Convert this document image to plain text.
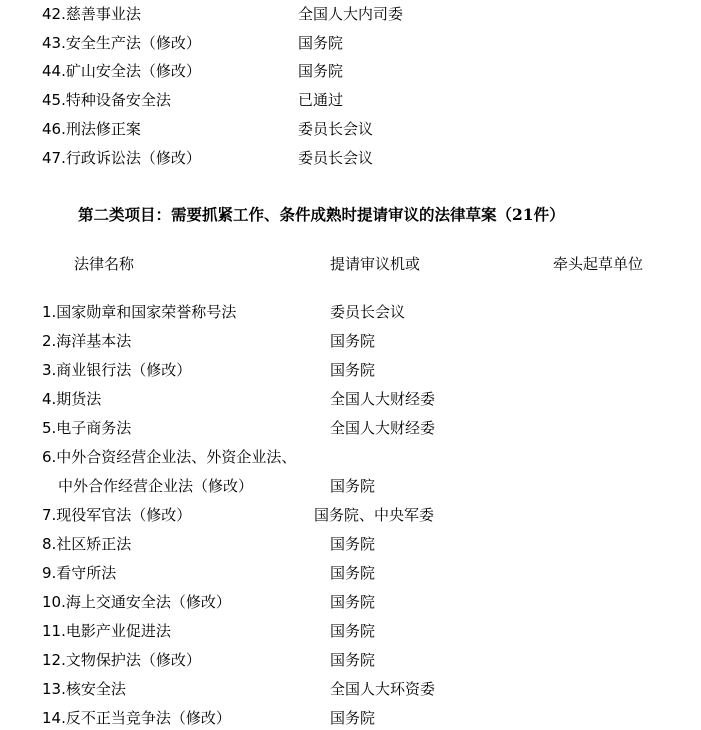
42.慈善事业法	全国人大内司委
43.安全生产法（修改）	国务院
44.矿山安全法（修改）	国务院
45.特种设备安全法	已通过
46.刑法修正案	委员长会议
47.行政诉讼法（修改）	委员长会议
第二类项目：需要抓紧工作、条件成熟时提请审议的法律草案（21件）
法律名称	提请审议机或	牵头起草单位
1.国家勋章和国家荣誉称号法	委员长会议
2.海洋基本法	国务院
3.商业银行法（修改）	国务院
4.期货法	全国人大财经委
5.电子商务法	全国人大财经委
6.中外合资经营企业法、外资企业法、
中外合作经营企业法（修改）	国务院
7.现役军官法（修改）	国务院、中央军委
8.社区矫正法	国务院
9.看守所法	国务院
10.海上交通安全法（修改）	国务院
11.电影产业促进法	国务院
12.文物保护法（修改）	国务院
13.核安全法	全国人大环资委
14.反不正当竞争法（修改）	国务院
